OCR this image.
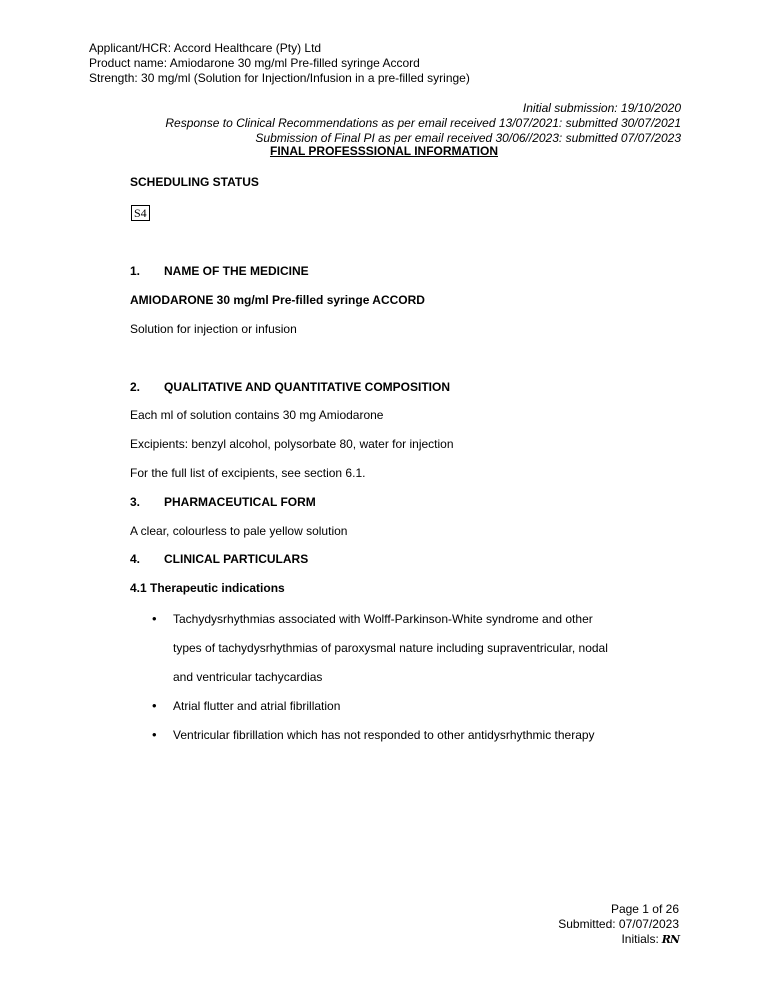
Applicant/HCR: Accord Healthcare (Pty) Ltd
Product name: Amiodarone 30 mg/ml Pre-filled syringe Accord
Strength: 30 mg/ml (Solution for Injection/Infusion in a pre-filled syringe)
Initial submission: 19/10/2020
Response to Clinical Recommendations as per email received 13/07/2021: submitted 30/07/2021
Submission of Final PI as per email received 30/06//2023: submitted 07/07/2023
FINAL PROFESSSIONAL INFORMATION
SCHEDULING STATUS
S4
1. NAME OF THE MEDICINE
AMIODARONE 30 mg/ml Pre-filled syringe ACCORD
Solution for injection or infusion
2. QUALITATIVE AND QUANTITATIVE COMPOSITION
Each ml of solution contains 30 mg Amiodarone
Excipients: benzyl alcohol, polysorbate 80, water for injection
For the full list of excipients, see section 6.1.
3. PHARMACEUTICAL FORM
A clear, colourless to pale yellow solution
4. CLINICAL PARTICULARS
4.1 Therapeutic indications
• Tachydysrhythmias associated with Wolff-Parkinson-White syndrome and other
types of tachydysrhythmias of paroxysmal nature including supraventricular, nodal
and ventricular tachycardias
• Atrial flutter and atrial fibrillation
• Ventricular fibrillation which has not responded to other antidysrhythmic therapy
Page 1 of 26
Submitted: 07/07/2023
Initials: RN
